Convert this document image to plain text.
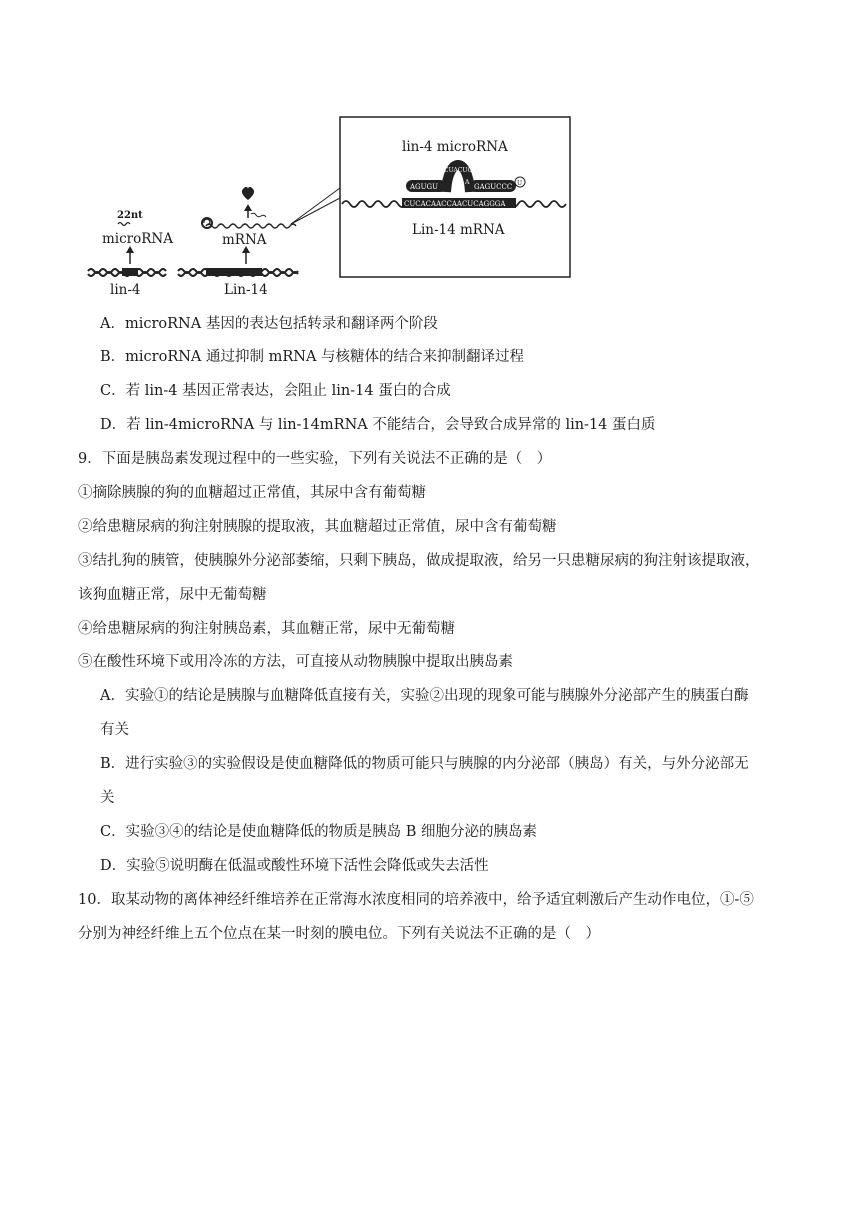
22nt
microRNA
lin-4
mRNA
Lin-14
lin-4 microRNA
U
AGUGU	GAGUCCC
CUACUCC
A
CUCACAACCAACUCAGGGA
Lin-14 mRNA
A．microRNA 基因的表达包括转录和翻译两个阶段
B．microRNA 通过抑制 mRNA 与核糖体的结合来抑制翻译过程
C．若 lin-4 基因正常表达，会阻止 lin-14 蛋白的合成
D．若 lin-4microRNA 与 lin-14mRNA 不能结合，会导致合成异常的 lin-14 蛋白质
9．下面是胰岛素发现过程中的一些实验，下列有关说法不正确的是（　）
①摘除胰腺的狗的血糖超过正常值，其尿中含有葡萄糖
②给患糖尿病的狗注射胰腺的提取液，其血糖超过正常值，尿中含有葡萄糖
③结扎狗的胰管，使胰腺外分泌部萎缩，只剩下胰岛，做成提取液，给另一只患糖尿病的狗注射该提取液，
该狗血糖正常，尿中无葡萄糖
④给患糖尿病的狗注射胰岛素，其血糖正常，尿中无葡萄糖
⑤在酸性环境下或用冷冻的方法，可直接从动物胰腺中提取出胰岛素
A．实验①的结论是胰腺与血糖降低直接有关，实验②出现的现象可能与胰腺外分泌部产生的胰蛋白酶
有关
B．进行实验③的实验假设是使血糖降低的物质可能只与胰腺的内分泌部（胰岛）有关，与外分泌部无
关
C．实验③④的结论是使血糖降低的物质是胰岛 B 细胞分泌的胰岛素
D．实验⑤说明酶在低温或酸性环境下活性会降低或失去活性
10．取某动物的离体神经纤维培养在正常海水浓度相同的培养液中，给予适宜刺激后产生动作电位，①-⑤
分别为神经纤维上五个位点在某一时刻的膜电位。下列有关说法不正确的是（　）
